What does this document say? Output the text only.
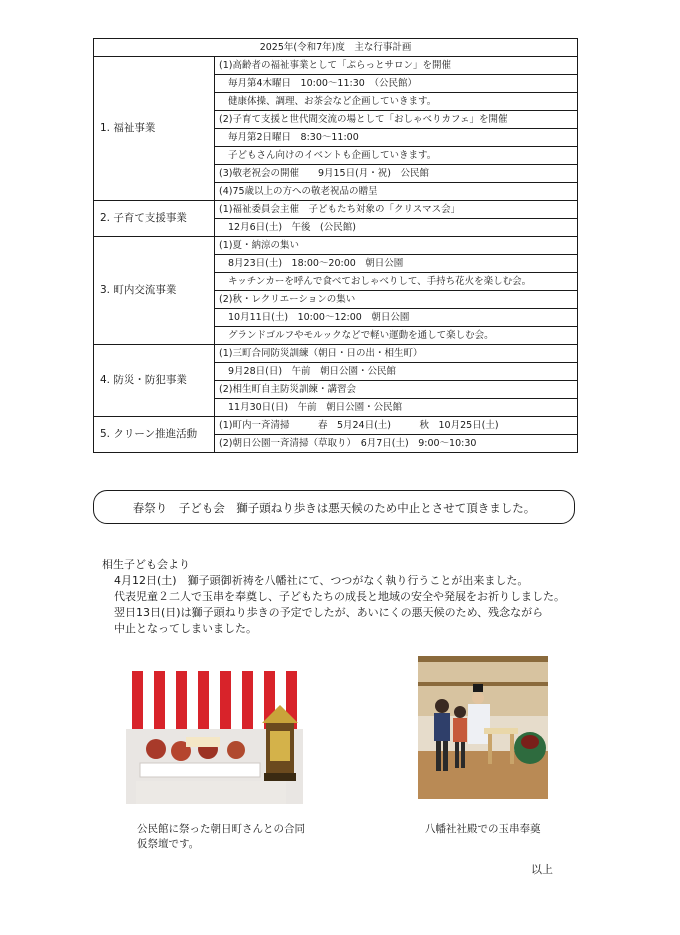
2025年(令和7年)度　主な行事計画	
1. 福祉事業	(1)高齢者の福祉事業として「ぷらっとサロン」を開催
	毎月第4木曜日　10:00～11:30　（公民館）
	健康体操、調理、お茶会など企画していきます。
	(2)子育て支援と世代間交流の場として「おしゃべりカフェ」を開催
	毎月第2日曜日　8:30～11:00
	子どもさん向けのイベントも企画していきます。
	(3)敬老祝会の開催　　9月15日(月・祝)　公民館
	(4)75歳以上の方への敬老祝品の贈呈
2. 子育て支援事業	(1)福祉委員会主催　子どもたち対象の「クリスマス会」
	12月6日(土)　午後　(公民館)
3. 町内交流事業	(1)夏・納涼の集い
	8月23日(土)　18:00～20:00　朝日公園
	キッチンカーを呼んで食べておしゃべりして、手持ち花火を楽しむ会。
	(2)秋・レクリエーションの集い
	10月11日(土)　10:00～12:00　朝日公園
	グランドゴルフやモルックなどで軽い運動を通して楽しむ会。
4. 防災・防犯事業	(1)三町合同防災訓練（朝日・日の出・相生町）
	9月28日(日)　午前　朝日公園・公民館
	(2)相生町自主防災訓練・講習会
	11月30日(日)　午前　朝日公園・公民館
5. クリーン推進活動	(1)町内一斉清掃　　　春　5月24日(土)　　　秋　10月25日(土)
	(2)朝日公園一斉清掃（草取り）　6月7日(土)　9:00～10:30
春祭り　子ども会　獅子頭ねり歩きは悪天候のため中止とさせて頂きました。

相生子ども会より

4月12日(土)　獅子頭御祈祷を八幡社にて、つつがなく執り行うことが出来ました。

代表児童２二人で玉串を奉奠し、子どもたちの成長と地域の安全や発展をお祈りしました。

翌日13日(日)は獅子頭ねり歩きの予定でしたが、あいにくの悪天候のため、残念ながら

中止となってしまいました。

公民館に祭った朝日町さんとの合同
仮祭壇です。
八幡社社殿での玉串奉奠
以上
